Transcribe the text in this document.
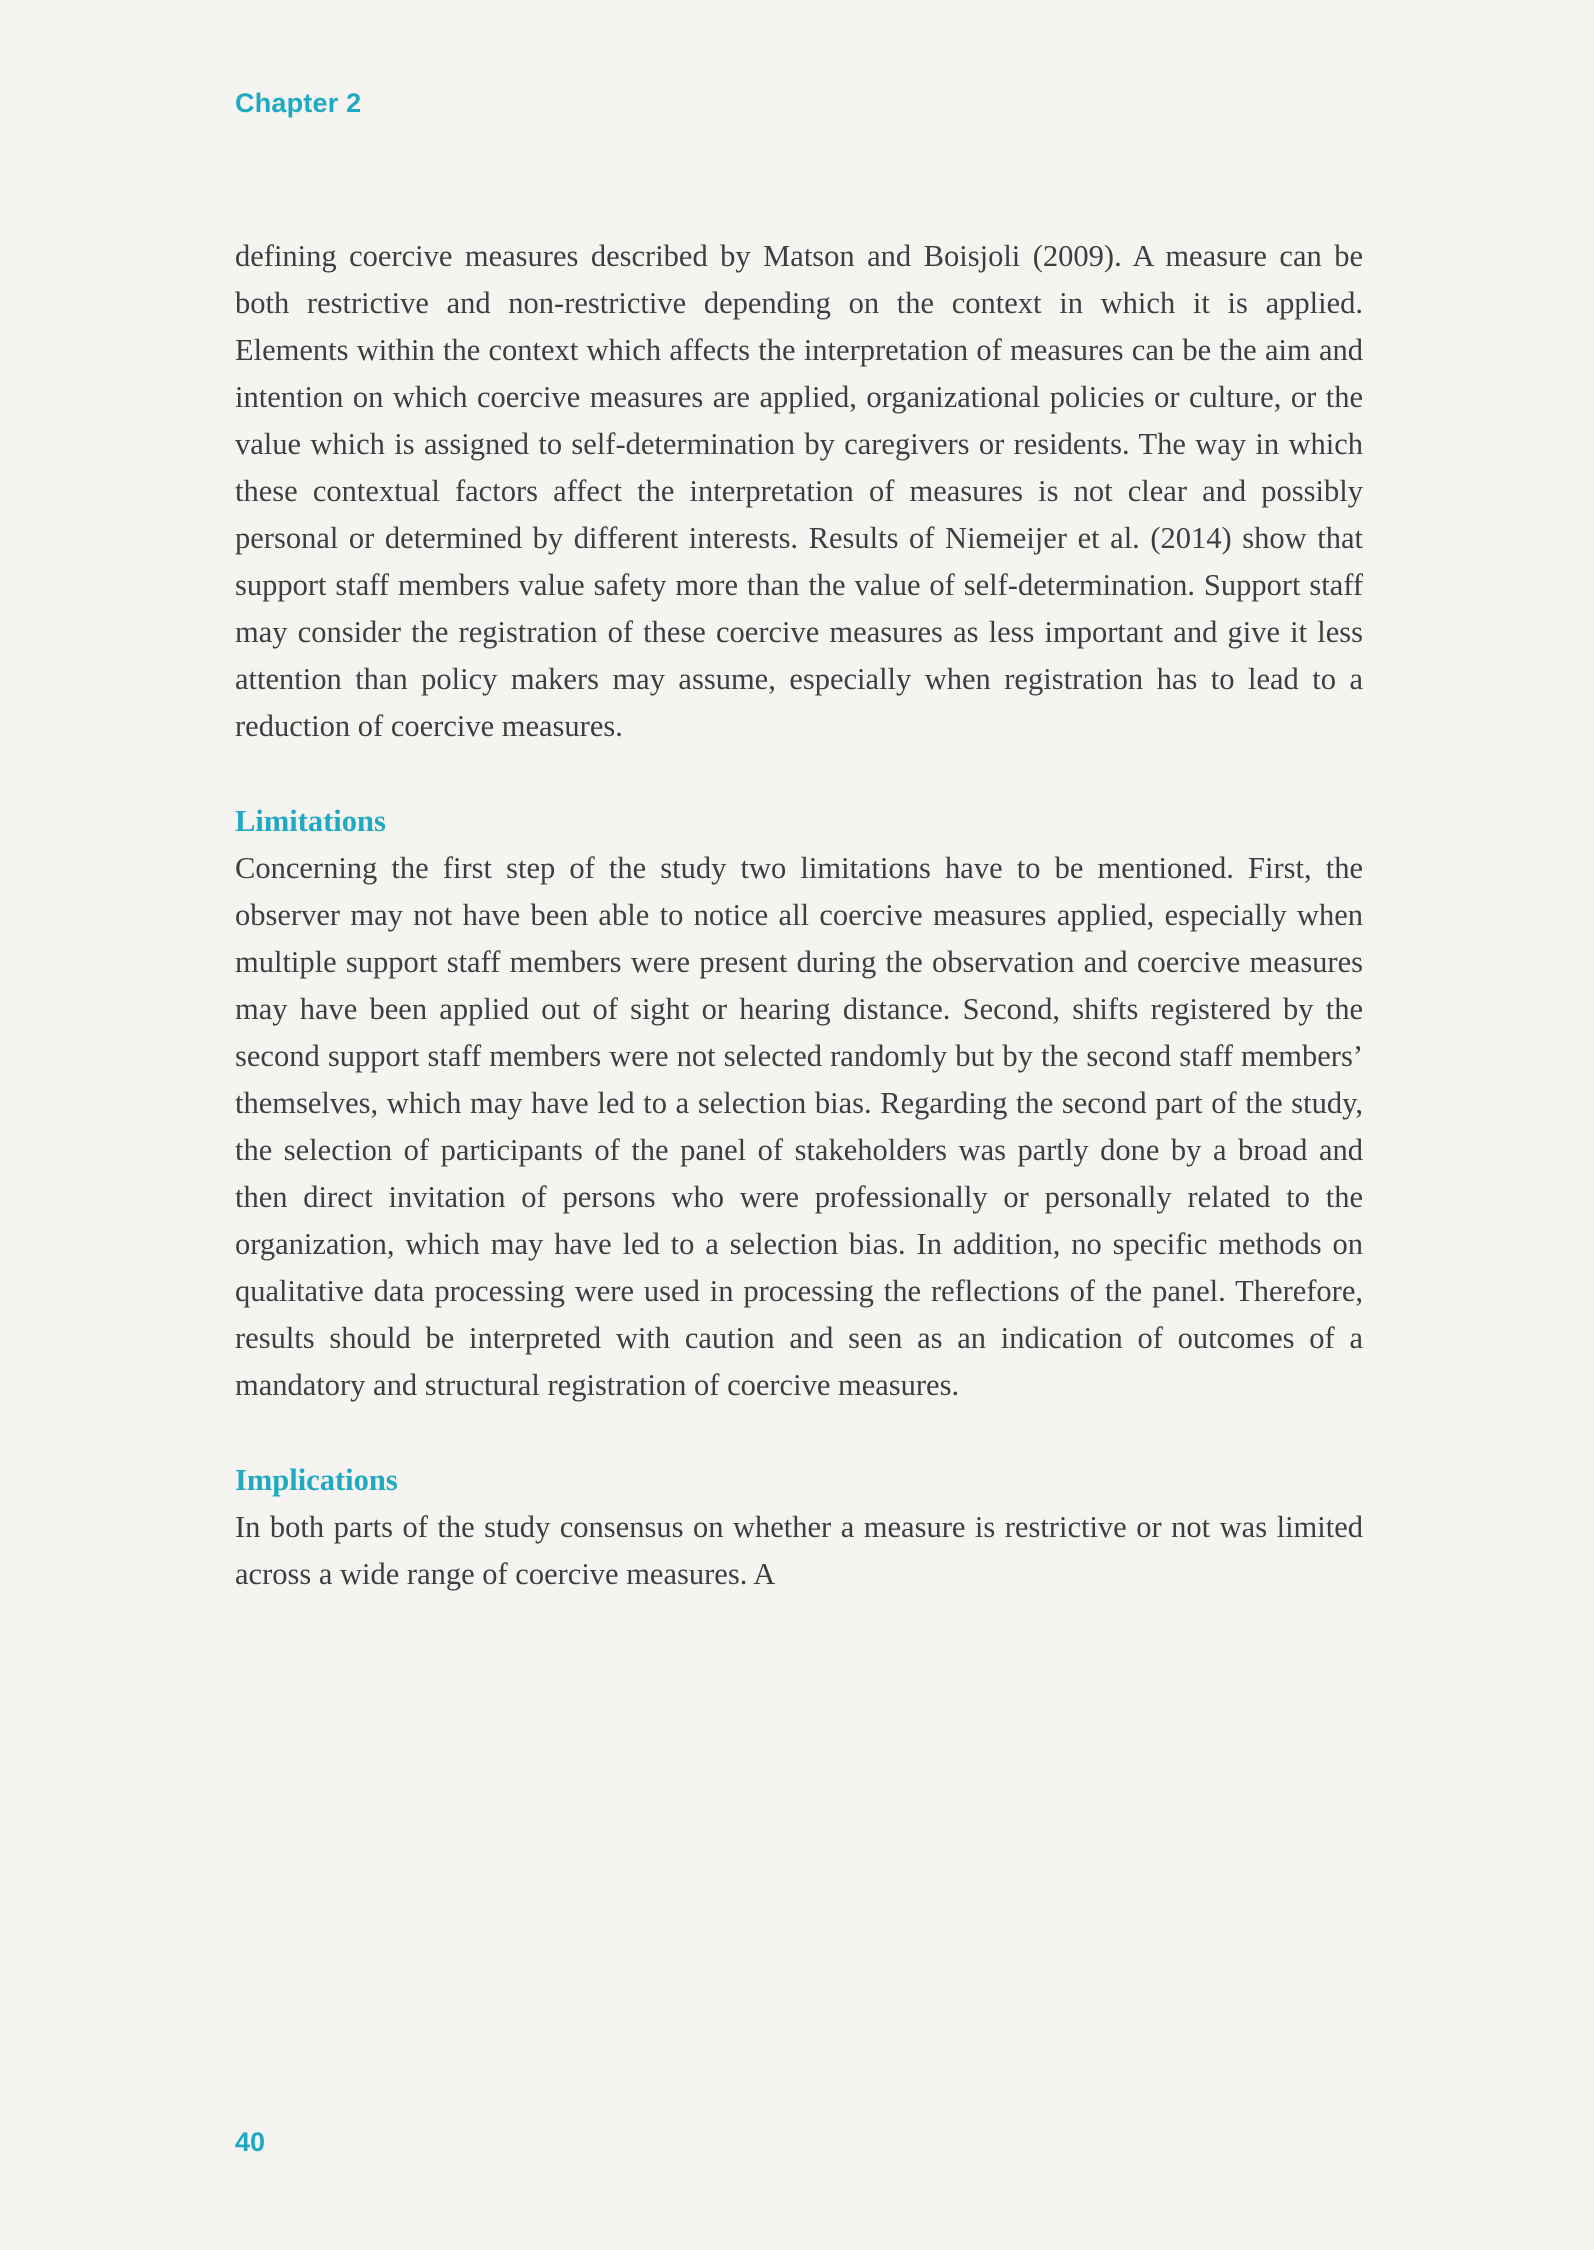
Chapter 2

defining coercive measures described by Matson and Boisjoli (2009). A measure can be both restrictive and non-restrictive depending on the context in which it is applied. Elements within the context which affects the interpretation of measures can be the aim and intention on which coercive measures are applied, organizational policies or culture, or the value which is assigned to self-determination by caregivers or residents. The way in which these contextual factors affect the interpretation of measures is not clear and possibly personal or determined by different interests. Results of Niemeijer et al. (2014) show that support staff members value safety more than the value of self-determination. Support staff may consider the registration of these coercive measures as less important and give it less attention than policy makers may assume, especially when registration has to lead to a reduction of coercive measures.

Limitations

Concerning the first step of the study two limitations have to be mentioned. First, the observer may not have been able to notice all coercive measures applied, especially when multiple support staff members were present during the observation and coercive measures may have been applied out of sight or hearing distance. Second, shifts registered by the second support staff members were not selected randomly but by the second staff members’ themselves, which may have led to a selection bias. Regarding the second part of the study, the selection of participants of the panel of stakeholders was partly done by a broad and then direct invitation of persons who were professionally or personally related to the organization, which may have led to a selection bias. In addition, no specific methods on qualitative data processing were used in processing the reflections of the panel. Therefore, results should be interpreted with caution and seen as an indication of outcomes of a mandatory and structural registration of coercive measures.

Implications

In both parts of the study consensus on whether a measure is restrictive or not was limited across a wide range of coercive measures. A

40
